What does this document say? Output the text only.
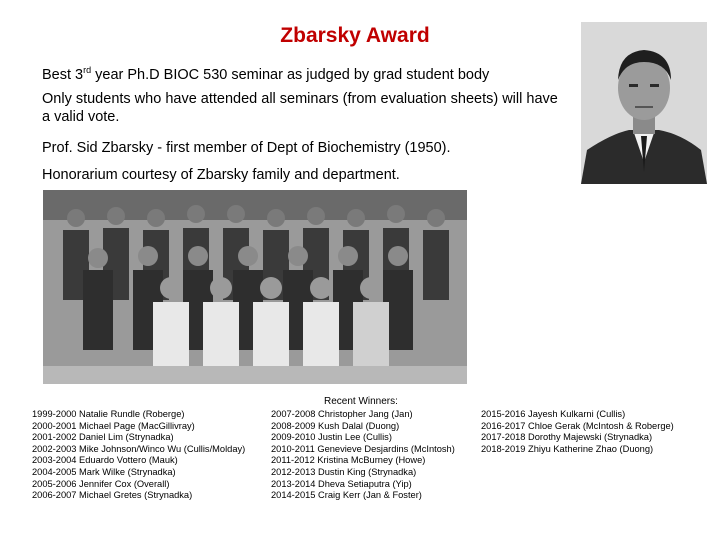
Zbarsky Award
Best 3rd year Ph.D BIOC 530 seminar as judged by grad student body
Only students who have attended all seminars (from evaluation sheets) will have a valid vote.
Prof. Sid Zbarsky - first member of Dept of Biochemistry (1950).
Honorarium courtesy of Zbarsky family and department.
Recent Winners:
1999-2000 Natalie Rundle (Roberge)
2000-2001 Michael Page (MacGillivray)
2001-2002 Daniel Lim (Strynadka)
2002-2003 Mike Johnson/Winco Wu (Cullis/Molday)
2003-2004 Eduardo Vottero (Mauk)
2004-2005 Mark Wilke (Strynadka)
2005-2006 Jennifer Cox (Overall)
2006-2007 Michael Gretes (Strynadka)
2007-2008 Christopher Jang (Jan)
2008-2009 Kush Dalal (Duong)
2009-2010 Justin Lee (Cullis)
2010-2011 Genevieve Desjardins (McIntosh)
2011-2012 Kristina McBurney (Howe)
2012-2013 Dustin King (Strynadka)
2013-2014 Dheva Setiaputra (Yip)
2014-2015 Craig Kerr (Jan & Foster)
2015-2016 Jayesh Kulkarni (Cullis)
2016-2017 Chloe Gerak (McIntosh & Roberge)
2017-2018 Dorothy Majewski (Strynadka)
2018-2019 Zhiyu Katherine Zhao (Duong)
